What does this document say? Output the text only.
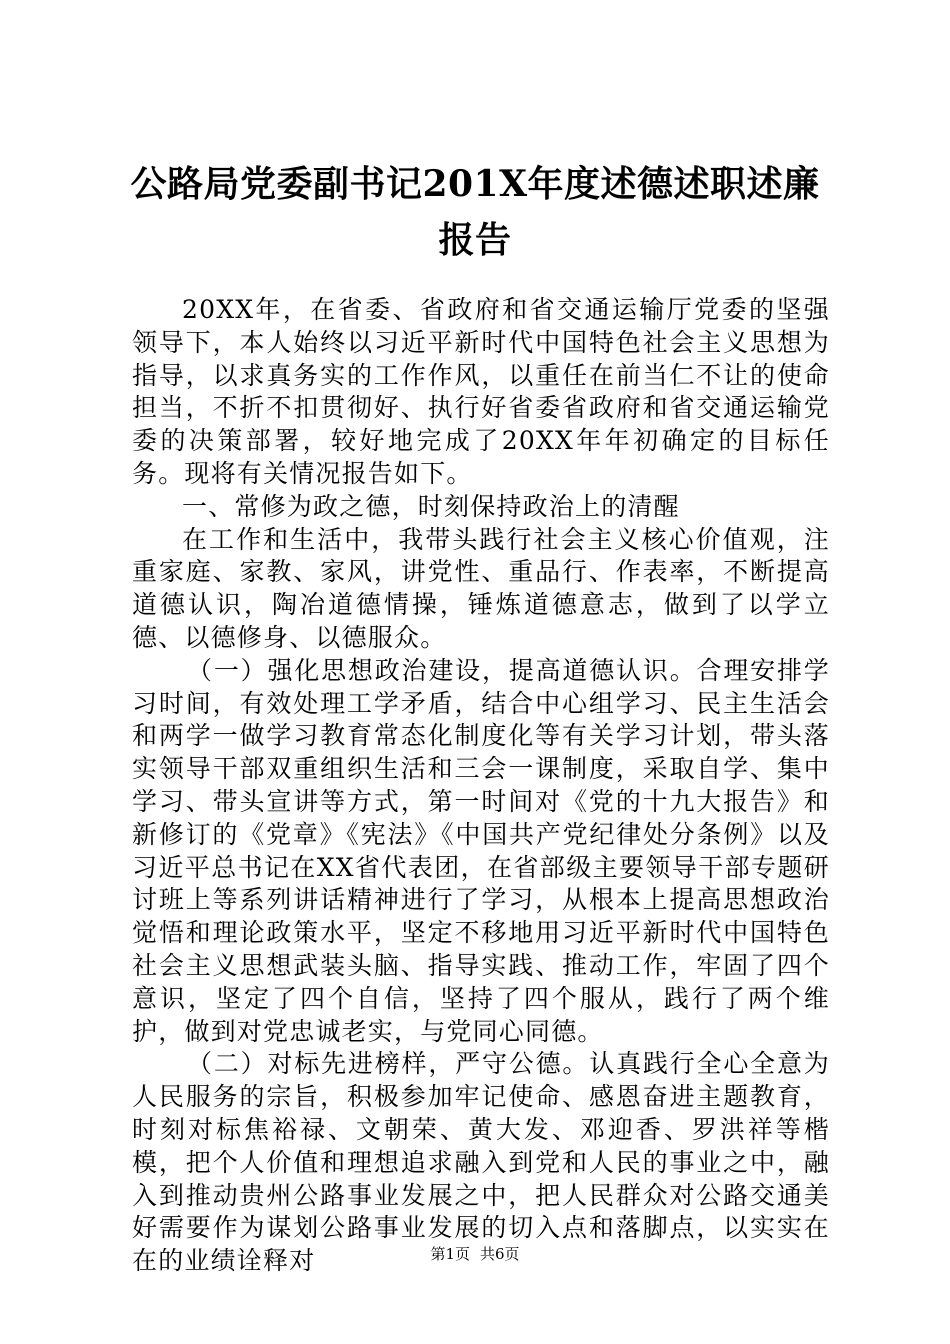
公路局党委副书记201X年度述德述职述廉报告

20XX年，在省委、省政府和省交通运输厅党委的坚强领导下，本人始终以习近平新时代中国特色社会主义思想为指导，以求真务实的工作作风，以重任在前当仁不让的使命担当，不折不扣贯彻好、执行好省委省政府和省交通运输党委的决策部署，较好地完成了20XX年年初确定的目标任务。现将有关情况报告如下。

一、常修为政之德，时刻保持政治上的清醒

在工作和生活中，我带头践行社会主义核心价值观，注重家庭、家教、家风，讲党性、重品行、作表率，不断提高道德认识，陶冶道德情操，锤炼道德意志，做到了以学立德、以德修身、以德服众。

（一）强化思想政治建设，提高道德认识。合理安排学习时间，有效处理工学矛盾，结合中心组学习、民主生活会和两学一做学习教育常态化制度化等有关学习计划，带头落实领导干部双重组织生活和三会一课制度，采取自学、集中学习、带头宣讲等方式，第一时间对《党的十九大报告》和新修订的《党章》《宪法》《中国共产党纪律处分条例》以及习近平总书记在XX省代表团，在省部级主要领导干部专题研讨班上等系列讲话精神进行了学习，从根本上提高思想政治觉悟和理论政策水平，坚定不移地用习近平新时代中国特色社会主义思想武装头脑、指导实践、推动工作，牢固了四个意识，坚定了四个自信，坚持了四个服从，践行了两个维护，做到对党忠诚老实，与党同心同德。

（二）对标先进榜样，严守公德。认真践行全心全意为人民服务的宗旨，积极参加牢记使命、感恩奋进主题教育，时刻对标焦裕禄、文朝荣、黄大发、邓迎香、罗洪祥等楷模，把个人价值和理想追求融入到党和人民的事业之中，融入到推动贵州公路事业发展之中，把人民群众对公路交通美好需要作为谋划公路事业发展的切入点和落脚点，以实实在在的业绩诠释对	第1页 共6页
